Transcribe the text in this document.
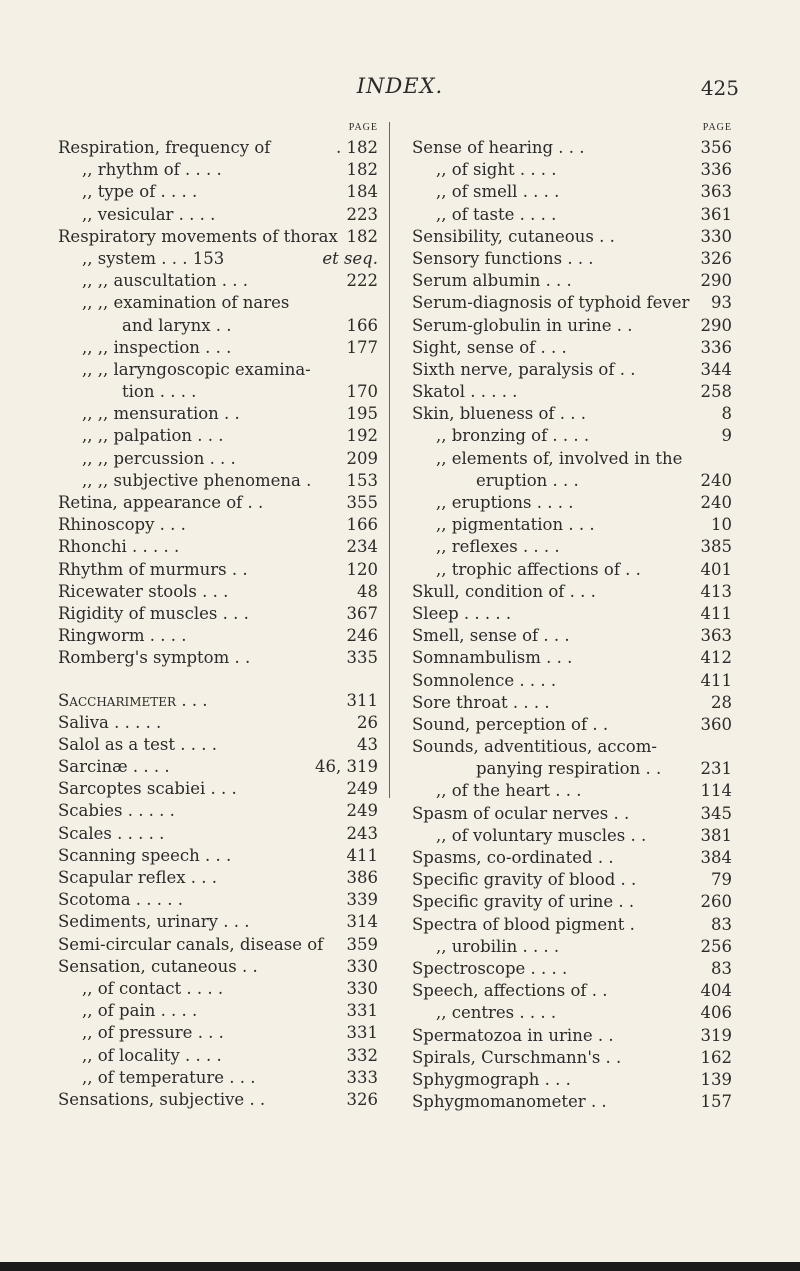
INDEX.	425
PAGE
Respiration, frequency of	. 182
,, rhythm of . . . .	182
,, type of . . . .	184
,, vesicular . . . .	223
Respiratory movements of thorax 182
,, system . . . 153	et seq.
,, ,, auscultation . . .	222
,, ,, examination of nares
and larynx . .	166
,, ,, inspection . . .	177
,, ,, laryngoscopic examina-
tion . . . .	170
,, ,, mensuration . .	195
,, ,, palpation . . .	192
,, ,, percussion . . .	209
,, ,, subjective phenomena . 153
Retina, appearance of . .	355
Rhinoscopy . . .	166
Rhonchi . . . . .	234
Rhythm of murmurs . .	120
Ricewater stools . . .	48
Rigidity of muscles . . .	367
Ringworm . . . .	246
Romberg's symptom . .	335
Saccharimeter . . .	311
Saliva . . . . .	26
Salol as a test . . . .	43
Sarcinæ . . . .	46, 319
Sarcoptes scabiei . . .	249
Scabies . . . . .	249
Scales . . . . .	243
Scanning speech . . .	411
Scapular reflex . . .	386
Scotoma . . . . .	339
Sediments, urinary . . .	314
Semi-circular canals, disease of 359
Sensation, cutaneous . .	330
,, of contact . . . .	330
,, of pain . . . .	331
,, of pressure . . .	331
,, of locality . . . .	332
,, of temperature . . .	333
Sensations, subjective . .	326
PAGE
Sense of hearing . . .	356
,, of sight . . . .	336
,, of smell . . . .	363
,, of taste . . . .	361
Sensibility, cutaneous . .	330
Sensory functions . . .	326
Serum albumin . . .	290
Serum-diagnosis of typhoid fever 93
Serum-globulin in urine . .	290
Sight, sense of . . .	336
Sixth nerve, paralysis of . .	344
Skatol . . . . .	258
Skin, blueness of . . .	8
,, bronzing of . . . .	9
,, elements of, involved in the
eruption . . .	240
,, eruptions . . . .	240
,, pigmentation . . .	10
,, reflexes . . . .	385
,, trophic affections of . .	401
Skull, condition of . . .	413
Sleep . . . . .	411
Smell, sense of . . .	363
Somnambulism . . .	412
Somnolence . . . .	411
Sore throat . . . .	28
Sound, perception of . .	360
Sounds, adventitious, accom-
panying respiration . . 231
,, of the heart . . .	114
Spasm of ocular nerves . .	345
,, of voluntary muscles . .	381
Spasms, co-ordinated . .	384
Specific gravity of blood . .	79
Specific gravity of urine . .	260
Spectra of blood pigment .	83
,, urobilin . . . .	256
Spectroscope . . . .	83
Speech, affections of . .	404
,, centres . . . .	406
Spermatozoa in urine . .	319
Spirals, Curschmann's . .	162
Sphygmograph . . .	139
Sphygmomanometer . .	157
